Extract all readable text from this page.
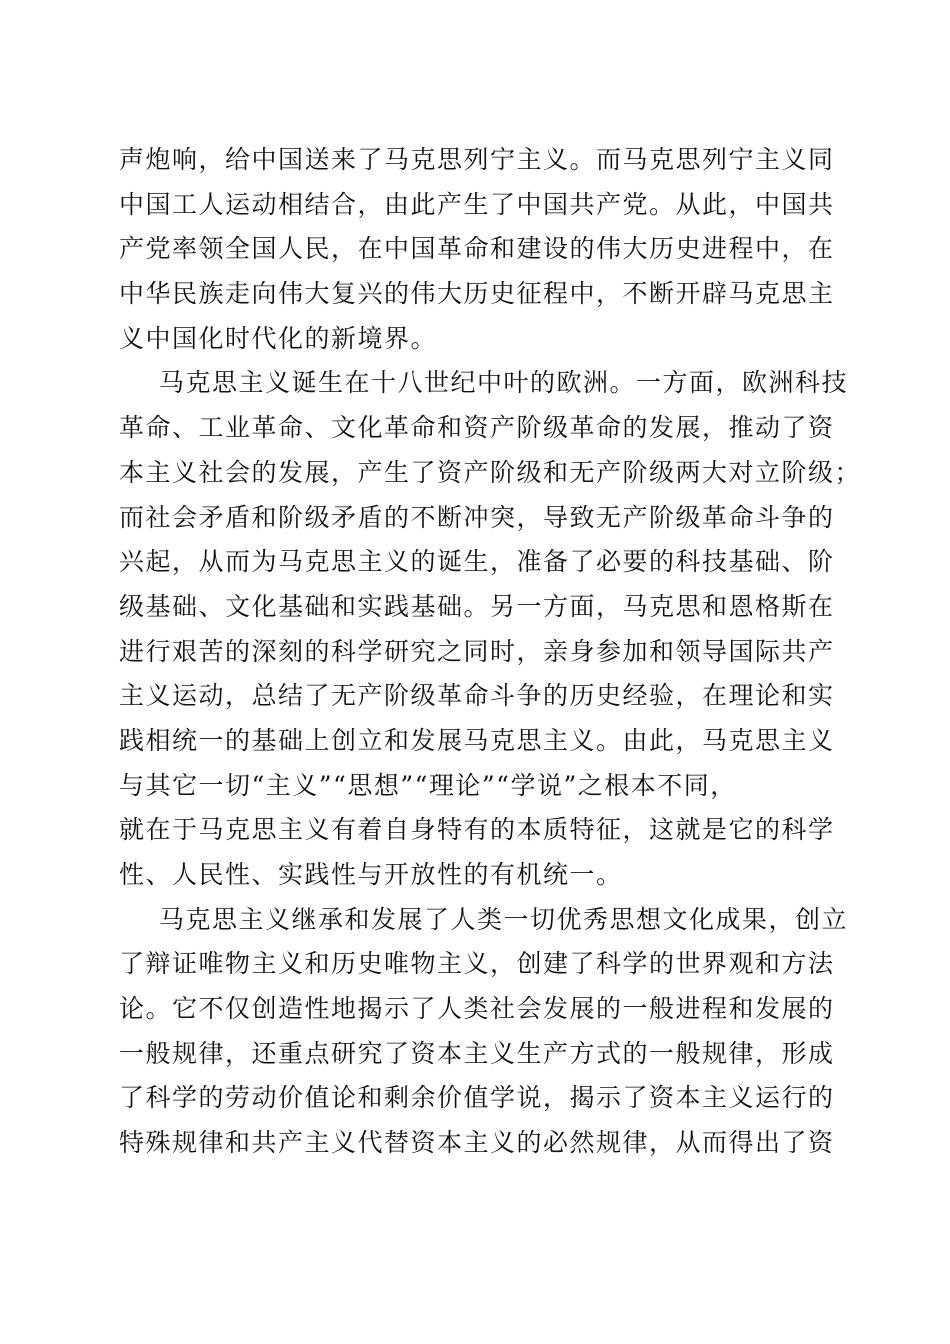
声炮响，给中国送来了马克思列宁主义。而马克思列宁主义同
中国工人运动相结合，由此产生了中国共产党。从此，中国共
产党率领全国人民，在中国革命和建设的伟大历史进程中，在
中华民族走向伟大复兴的伟大历史征程中，不断开辟马克思主
义中国化时代化的新境界。
马克思主义诞生在十八世纪中叶的欧洲。一方面，欧洲科技
革命、工业革命、文化革命和资产阶级革命的发展，推动了资
本主义社会的发展，产生了资产阶级和无产阶级两大对立阶级；
而社会矛盾和阶级矛盾的不断冲突，导致无产阶级革命斗争的
兴起，从而为马克思主义的诞生，准备了必要的科技基础、阶
级基础、文化基础和实践基础。另一方面，马克思和恩格斯在
进行艰苦的深刻的科学研究之同时，亲身参加和领导国际共产
主义运动，总结了无产阶级革命斗争的历史经验，在理论和实
践相统一的基础上创立和发展马克思主义。由此，马克思主义
与其它一切“主义”“思想”“理论”“学说”之根本不同，
就在于马克思主义有着自身特有的本质特征，这就是它的科学
性、人民性、实践性与开放性的有机统一。
马克思主义继承和发展了人类一切优秀思想文化成果，创立
了辩证唯物主义和历史唯物主义，创建了科学的世界观和方法
论。它不仅创造性地揭示了人类社会发展的一般进程和发展的
一般规律，还重点研究了资本主义生产方式的一般规律，形成
了科学的劳动价值论和剩余价值学说，揭示了资本主义运行的
特殊规律和共产主义代替资本主义的必然规律，从而得出了资
